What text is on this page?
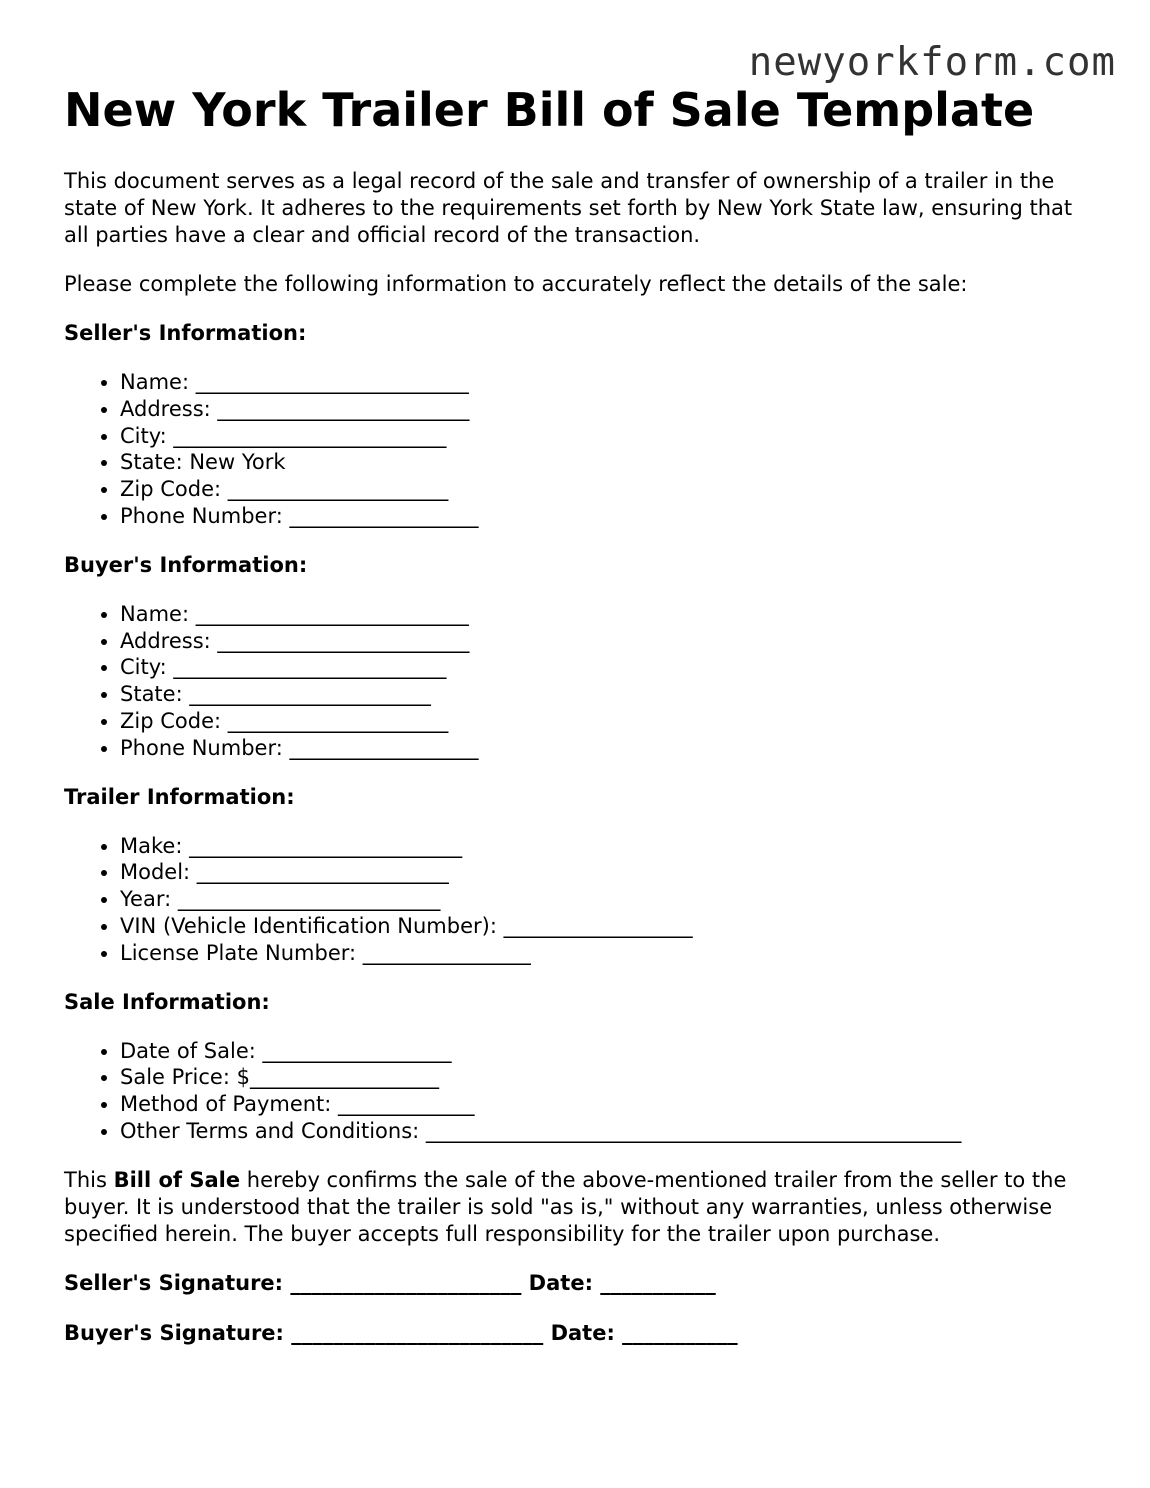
newyorkform.com
New York Trailer Bill of Sale Template

This document serves as a legal record of the sale and transfer of ownership of a trailer in the state of New York. It adheres to the requirements set forth by New York State law, ensuring that all parties have a clear and official record of the transaction.

Please complete the following information to accurately reflect the details of the sale:

Seller's Information:
• Name: __________________________
• Address: ________________________
• City: __________________________
• State: New York
• Zip Code: _____________________
• Phone Number: __________________
Buyer's Information:
• Name: __________________________
• Address: ________________________
• City: __________________________
• State: _______________________
• Zip Code: _____________________
• Phone Number: __________________
Trailer Information:
• Make: __________________________
• Model: ________________________
• Year: _________________________
• VIN (Vehicle Identification Number): __________________
• License Plate Number: ________________
Sale Information:
• Date of Sale: __________________
• Sale Price: $__________________
• Method of Payment: _____________
• Other Terms and Conditions: ___________________________________________________

This Bill of Sale hereby confirms the sale of the above-mentioned trailer from the seller to the buyer. It is understood that the trailer is sold "as is," without any warranties, unless otherwise specified herein. The buyer accepts full responsibility for the trailer upon purchase.

Seller's Signature: ______________________ Date: ___________
Buyer's Signature: ________________________ Date: ___________
